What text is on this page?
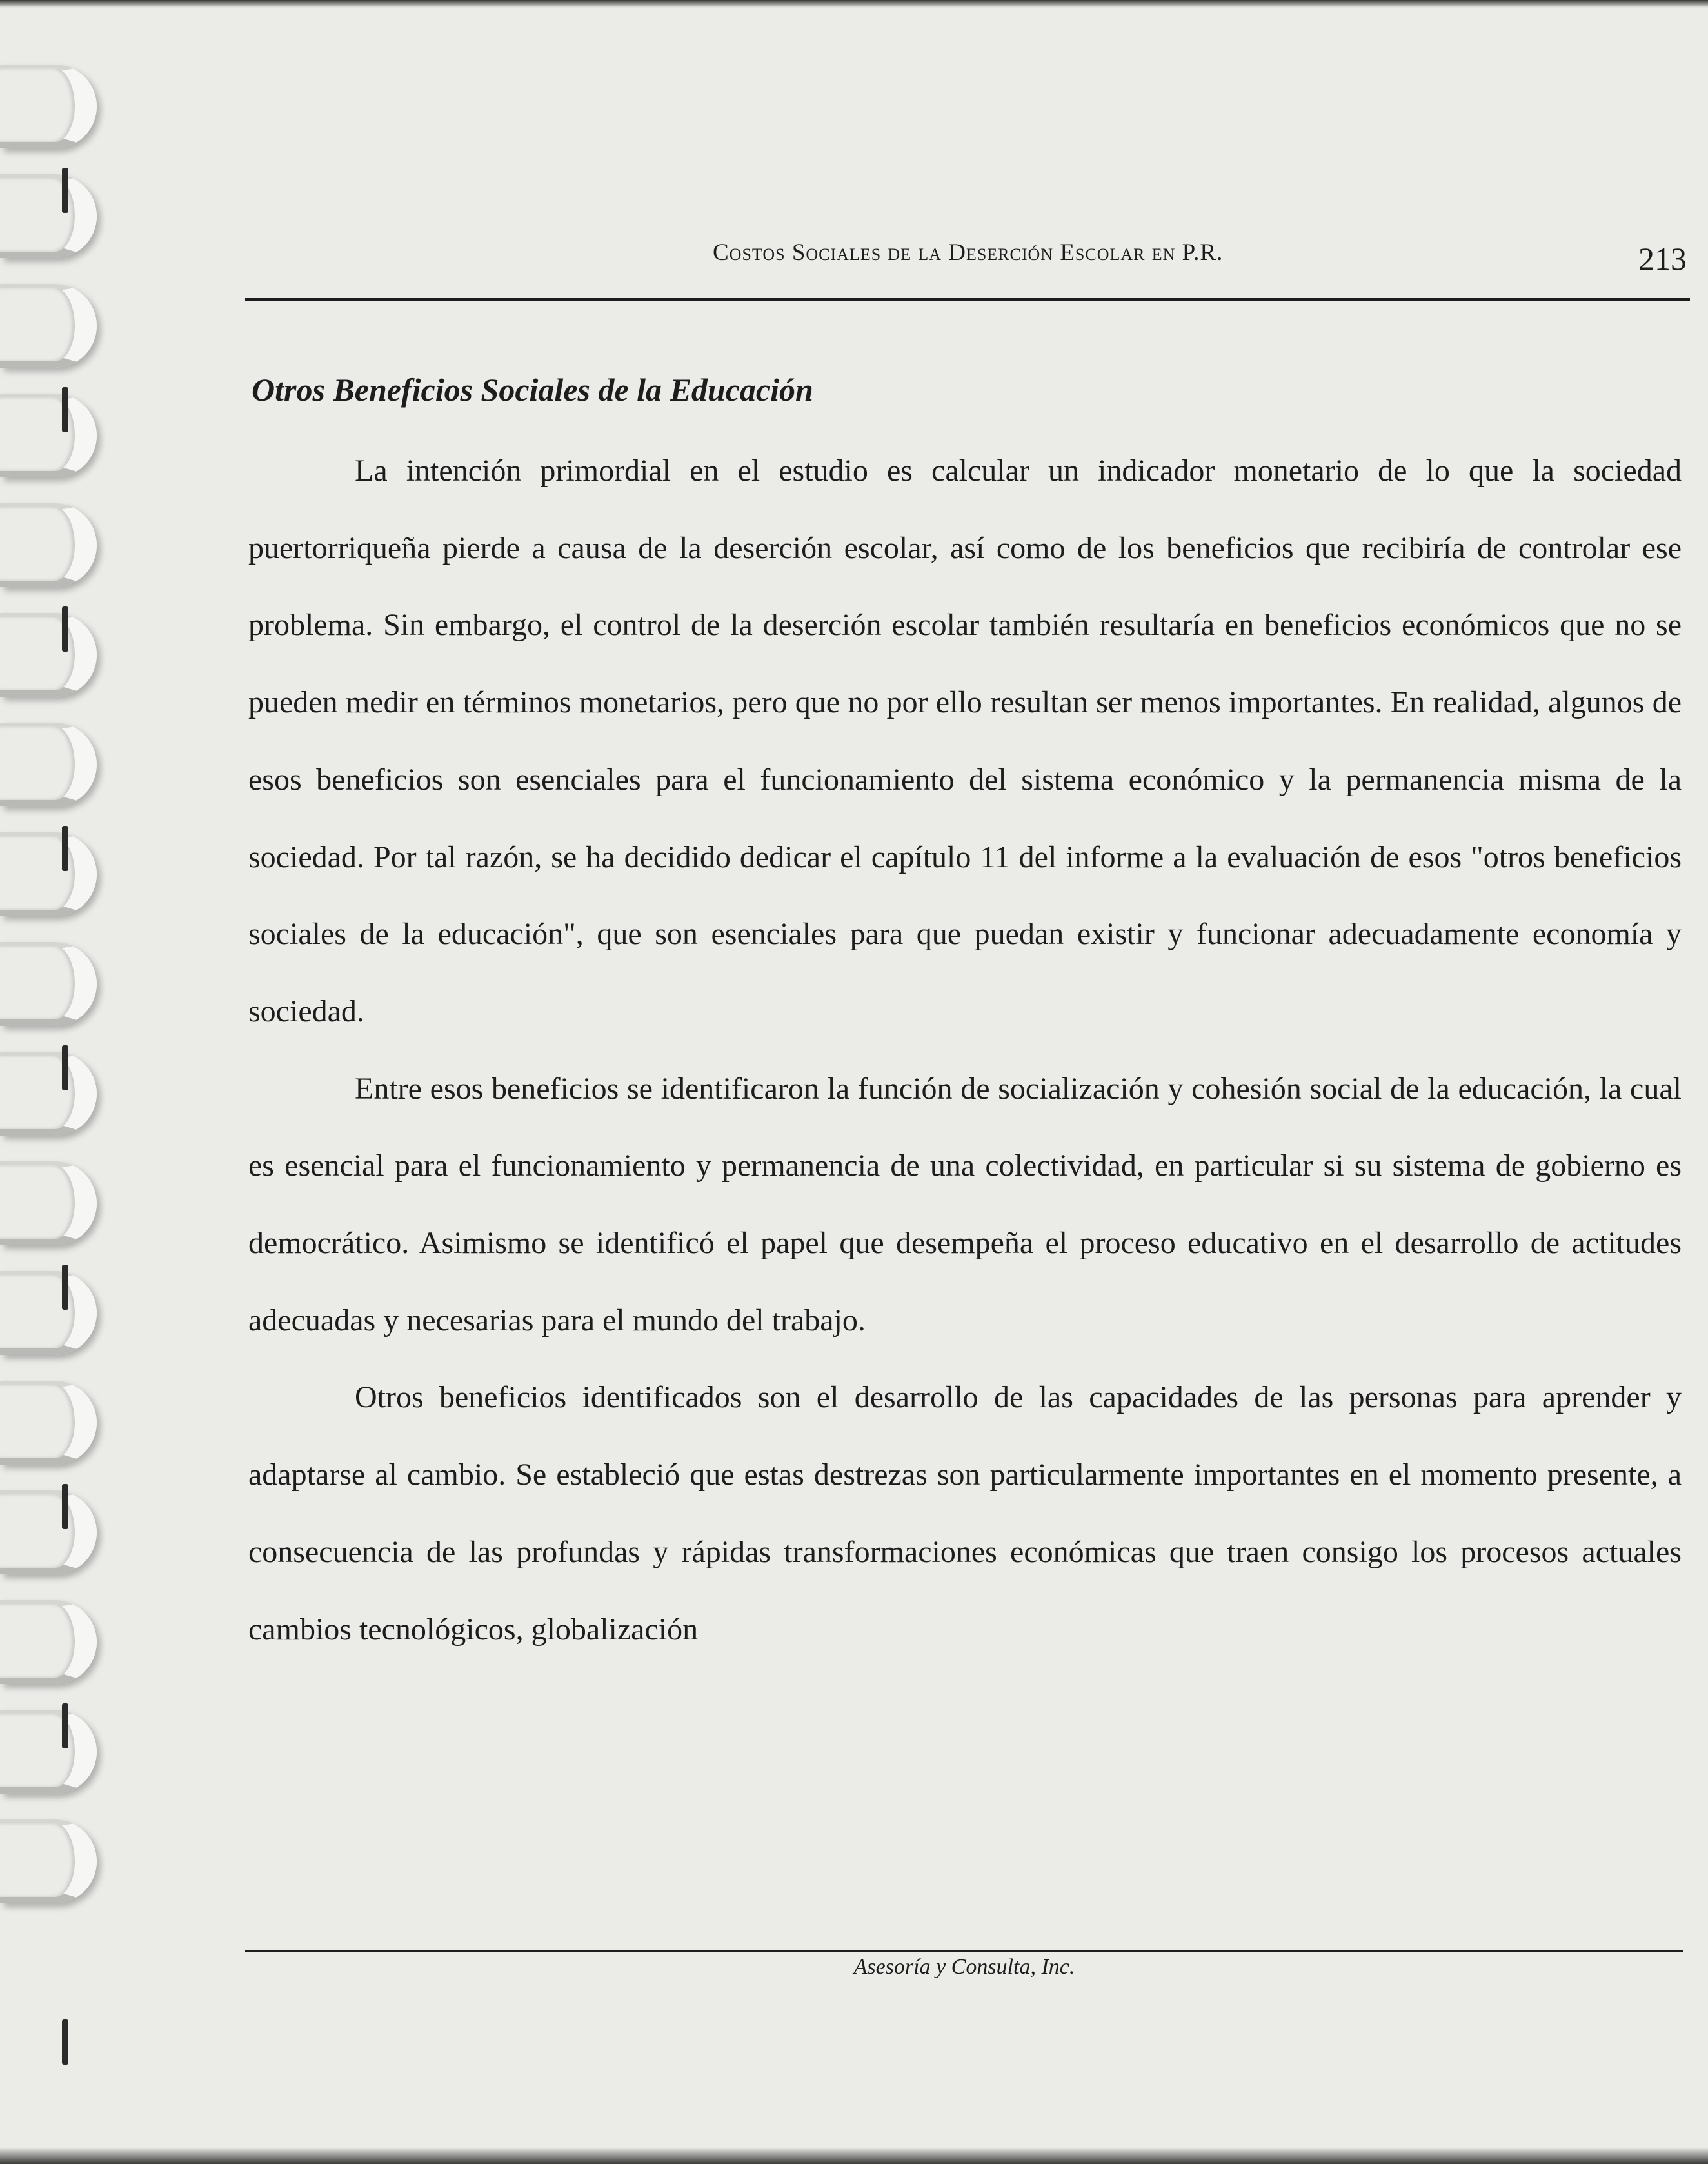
Costos Sociales de la Deserción Escolar en P.R.	213
Otros Beneficios Sociales de la Educación

La intención primordial en el estudio es calcular un indicador monetario de lo que la sociedad puertorriqueña pierde a causa de la deserción escolar, así como de los beneficios que recibiría de controlar ese problema. Sin embargo, el control de la deserción escolar también resultaría en beneficios económicos que no se pueden medir en términos monetarios, pero que no por ello resultan ser menos importantes. En realidad, algunos de esos beneficios son esenciales para el funcionamiento del sistema económico y la permanencia misma de la sociedad. Por tal razón, se ha decidido dedicar el capítulo 11 del informe a la evaluación de esos "otros beneficios sociales de la educación", que son esenciales para que puedan existir y funcionar adecuadamente economía y sociedad.

Entre esos beneficios se identificaron la función de socialización y cohesión social de la educación, la cual es esencial para el funcionamiento y permanencia de una colectividad, en particular si su sistema de gobierno es democrático. Asimismo se identificó el papel que desempeña el proceso educativo en el desarrollo de actitudes adecuadas y necesarias para el mundo del trabajo.

Otros beneficios identificados son el desarrollo de las capacidades de las personas para aprender y adaptarse al cambio. Se estableció que estas destrezas son particularmente importantes en el momento presente, a consecuencia de las profundas y rápidas transformaciones económicas que traen consigo los procesos actuales cambios tecnológicos, globalización

Asesoría y Consulta, Inc.
